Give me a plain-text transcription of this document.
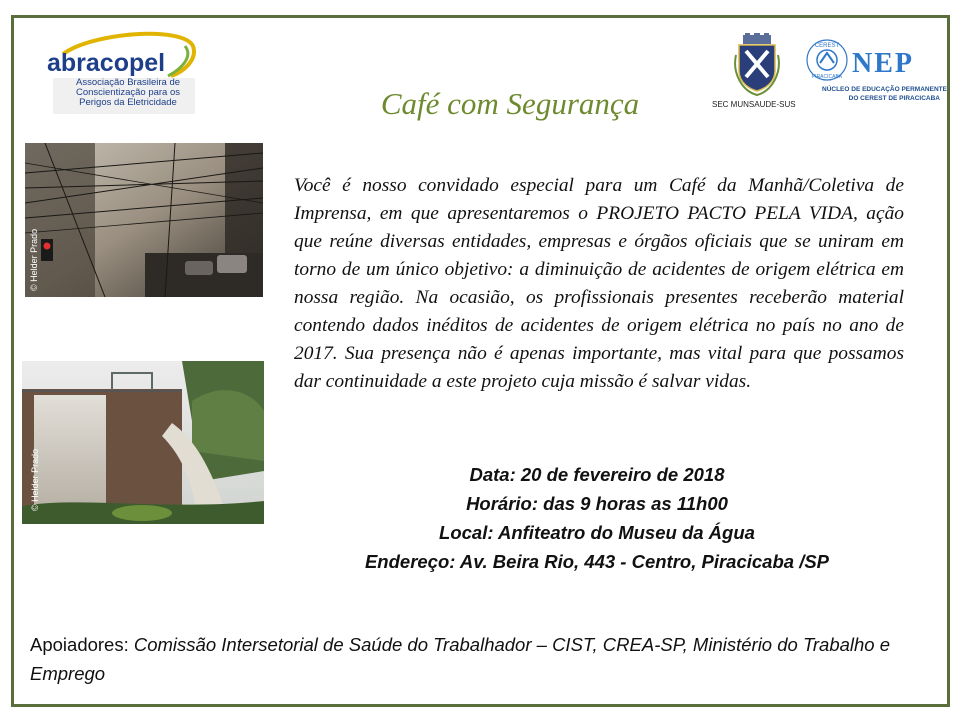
abracopel
Associação Brasileira de
Conscientização para os
Perigos da Eletricidade	SEC MUNSAUDE-SUS
CEREST
PIRACICABA NEP
NÚCLEO DE EDUCAÇÃO PERMANENTE
DO CEREST DE PIRACICABA
Café com Segurança
© Helder Prado
© Helder Prado
Você é nosso convidado especial para um Café da Manhã/Coletiva de Imprensa, em que apresentaremos o PROJETO PACTO PELA VIDA, ação que reúne diversas entidades, empresas e órgãos oficiais que se uniram em torno de um único objetivo: a diminuição de acidentes de origem elétrica em nossa região. Na ocasião, os profissionais presentes receberão material contendo dados inéditos de acidentes de origem elétrica no país no ano de 2017. Sua presença não é apenas importante, mas vital para que possamos dar continuidade a este projeto cuja missão é salvar vidas.
Data: 20 de fevereiro de 2018
Horário: das 9 horas as 11h00
Local: Anfiteatro do Museu da Água
Endereço: Av. Beira Rio, 443 - Centro, Piracicaba /SP
Apoiadores: Comissão Intersetorial de Saúde do Trabalhador – CIST, CREA-SP, Ministério do Trabalho e Emprego
